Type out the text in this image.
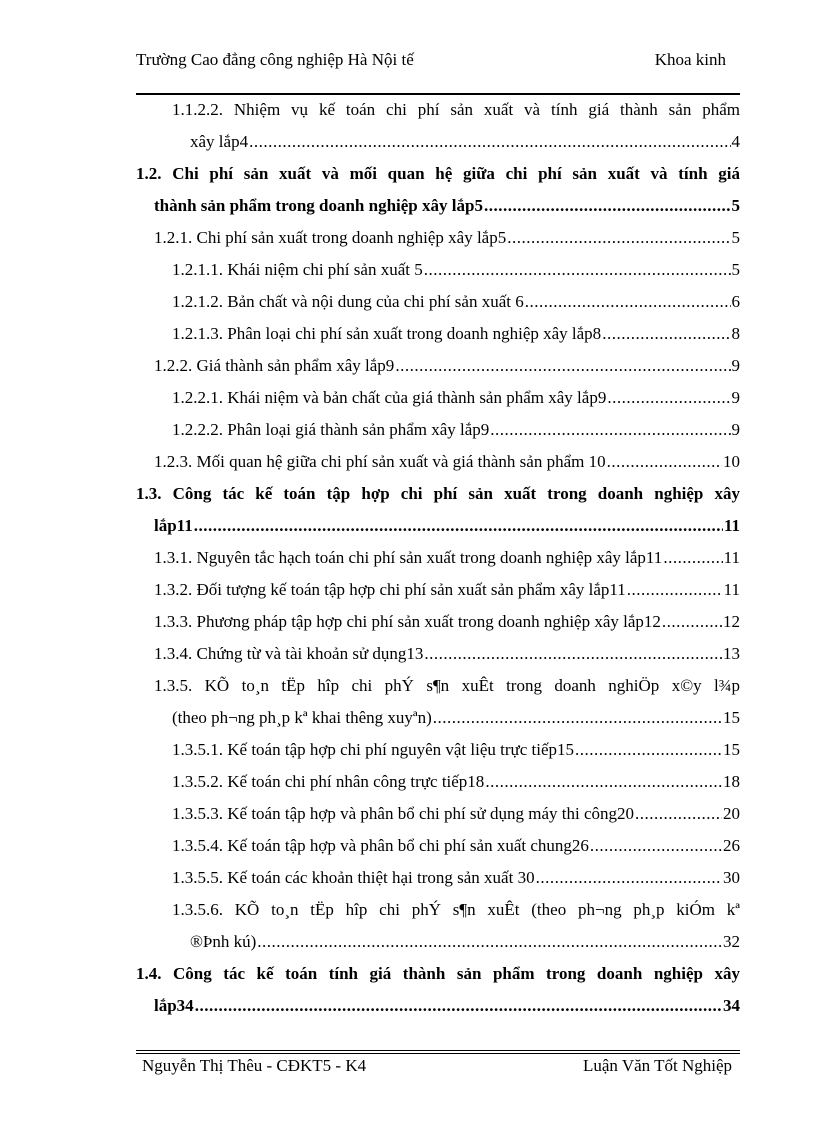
Trường Cao đẳng công nghiệp Hà Nội tế	Khoa kinh
1.1.2.2. Nhiệm vụ kế toán chi phí sản xuất và tính giá thành sản phẩm
xây lắp4 .....	4
1.2. Chi phí sản xuất và mối quan hệ giữa chi phí sản xuất và tính giá
thành sản phẩm trong doanh nghiệp xây lắp5 .....	5
1.2.1. Chi phí sản xuất trong doanh nghiệp xây lắp5 .....	5
1.2.1.1. Khái niệm chi phí sản xuất 5 .....	5
1.2.1.2. Bản chất và nội dung của chi phí sản xuất 6 .....	6
1.2.1.3. Phân loại chi phí sản xuất trong doanh nghiệp xây lắp8 .....	8
1.2.2. Giá thành sản phẩm xây lắp9 .....	9
1.2.2.1. Khái niệm và bản chất của giá thành sản phẩm xây lắp9 .....	9
1.2.2.2. Phân loại giá thành sản phẩm xây lắp9 .....	9
1.2.3. Mối quan hệ giữa chi phí sản xuất và giá thành sản phẩm 10 .....	10
1.3. Công tác kế toán tập hợp chi phí sản xuất trong doanh nghiệp xây
lắp11 .....	11
1.3.1. Nguyên tắc hạch toán chi phí sản xuất trong doanh nghiệp xây lắp11 .....	11
1.3.2. Đối tượng kế toán tập hợp chi phí sản xuất sản phẩm xây lắp11 .....	11
1.3.3. Phương pháp tập hợp chi phí sản xuất trong doanh nghiệp xây lắp12 .....	12
1.3.4. Chứng từ và tài khoản sử dụng13 .....	13
1.3.5. KÕ to¸n tËp hîp chi phÝ s¶n xuÊt trong doanh nghiÖp x©y l¾p
(theo ph¬ng ph¸p kª khai thêng xuyªn) .....	15
1.3.5.1. Kế toán tập hợp chi phí nguyên vật liệu trực tiếp15 .....	15
1.3.5.2. Kế toán chi phí nhân công trực tiếp18 .....	18
1.3.5.3. Kế toán tập hợp và phân bổ chi phí sử dụng máy thi công20 .....	20
1.3.5.4. Kế toán tập hợp và phân bổ chi phí sản xuất chung26 .....	26
1.3.5.5. Kế toán các khoản thiệt hại trong sản xuất 30 .....	30
1.3.5.6. KÕ to¸n tËp hîp chi phÝ s¶n xuÊt (theo ph¬ng ph¸p kiÓm kª
®Þnh kú) .....	32
1.4. Công tác kế toán tính giá thành sản phẩm trong doanh nghiệp xây
lắp34 .....	34
Nguyễn Thị Thêu - CĐKT5 - K4	Luận Văn Tốt Nghiệp
